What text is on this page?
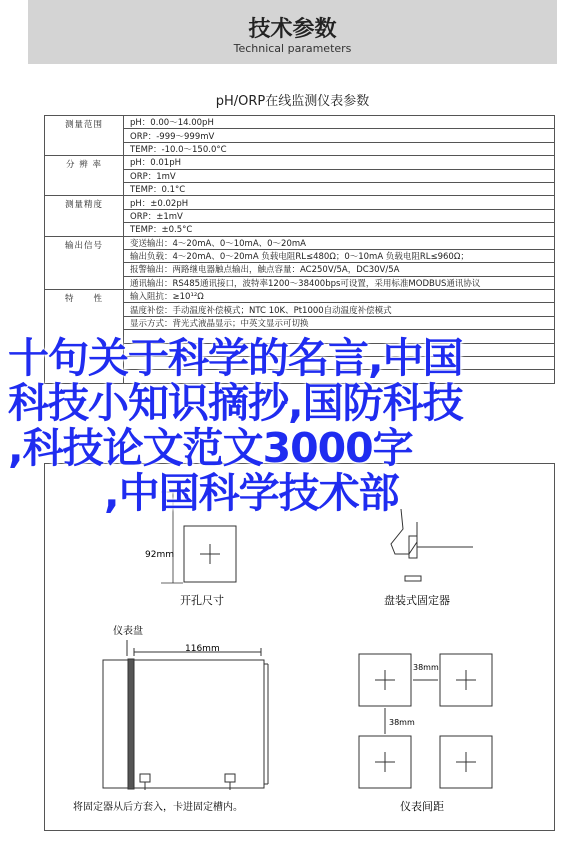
技术参数
Technical parameters
pH/ORP在线监测仪表参数
测量范围	pH：0.00～14.00pH
	ORP：-999～999mV
	TEMP：-10.0～150.0°C
分 辨 率	pH：0.01pH
	ORP：1mV
	TEMP：0.1°C
测量精度	pH：±0.02pH
	ORP：±1mV
	TEMP：±0.5°C
输出信号	变送输出：4～20mA、0～10mA、0～20mA
	输出负载：4～20mA、0～20mA 负载电阻RL≤480Ω；0～10mA 负载电阻RL≤960Ω；
	报警输出：两路继电器触点输出，触点容量：AC250V/5A，DC30V/5A
	通讯输出：RS485通讯接口，波特率1200～38400bps可设置，采用标准MODBUS通讯协议
特　　性	输入阻抗：≥10¹²Ω
	温度补偿：手动温度补偿模式；NTC 10K、Pt1000自动温度补偿模式
	显示方式：背光式液晶显示；中英文显示可切换

92mm
开孔尺寸	盘装式固定器
仪表盘
116mm
将固定器从后方套入，卡进固定槽内。
38mm
38mm
仪表间距
十句关于科学的名言,中国
科技小知识摘抄,国防科技
,科技论文范文3000字
,中国科学技术部
